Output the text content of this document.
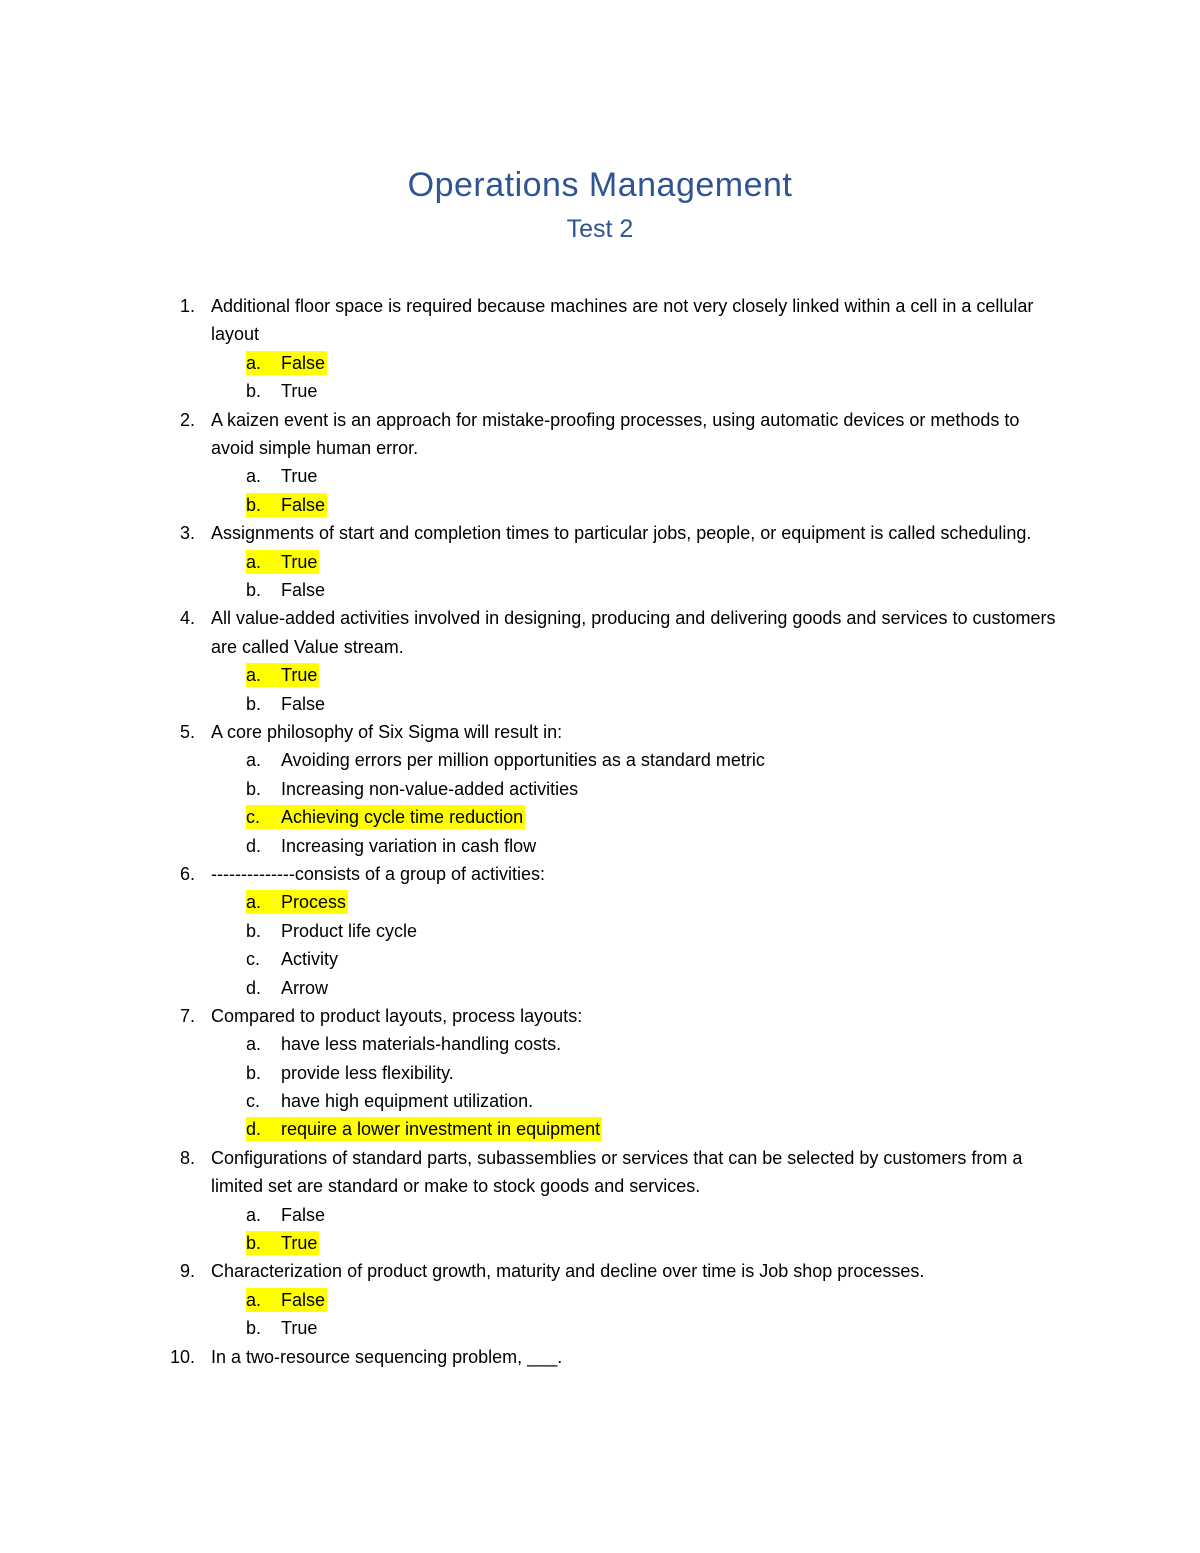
Operations Management
Test 2
1. Additional floor space is required because machines are not very closely linked within a cell in a cellular layout
a.	False
b.	True
2. A kaizen event is an approach for mistake-proofing processes, using automatic devices or methods to avoid simple human error.
a.	True
b.	False
3. Assignments of start and completion times to particular jobs, people, or equipment is called scheduling.
a.	True
b.	False
4. All value-added activities involved in designing, producing and delivering goods and services to customers are called Value stream.
a.	True
b.	False
5. A core philosophy of Six Sigma will result in:
a.	Avoiding errors per million opportunities as a standard metric
b.	Increasing non-value-added activities
c.	Achieving cycle time reduction
d.	Increasing variation in cash flow
6. --------------consists of a group of activities:
a.	Process
b.	Product life cycle
c.	Activity
d.	Arrow
7. Compared to product layouts, process layouts:
a.	have less materials-handling costs.
b.	provide less flexibility.
c.	have high equipment utilization.
d.	require a lower investment in equipment
8. Configurations of standard parts, subassemblies or services that can be selected by customers from a limited set are standard or make to stock goods and services.
a.	False
b.	True
9. Characterization of product growth, maturity and decline over time is Job shop processes.
a.	False
b.	True
10. In a two-resource sequencing problem, ___.
